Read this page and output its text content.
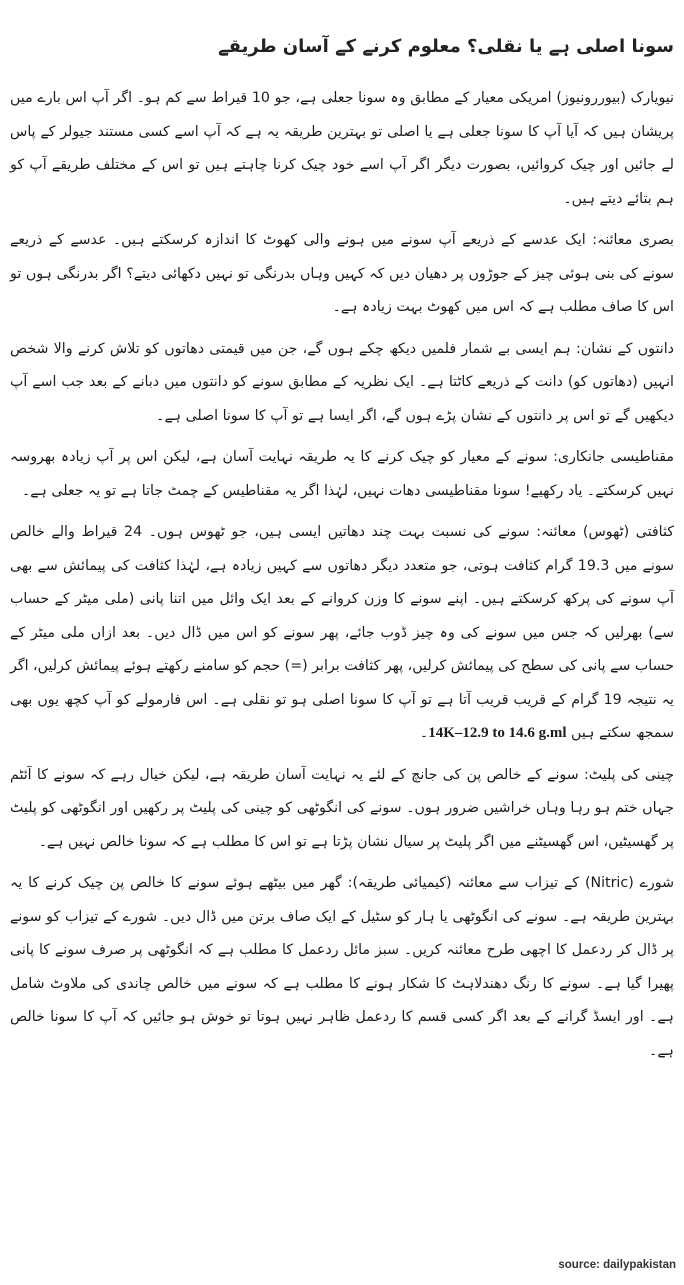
سونا اصلی ہے یا نقلی؟ معلوم کرنے کے آسان طریقے

نیویارک (بیوررونیوز) امریکی معیار کے مطابق وہ سونا جعلی ہے، جو 10 قیراط سے کم ہو۔ اگر آپ اس بارے میں پریشان ہیں کہ آیا آپ کا سونا جعلی ہے یا اصلی تو بہترین طریقہ یہ ہے کہ آپ اسے کسی مستند جیولر کے پاس لے جائیں اور چیک کروائیں، بصورت دیگر اگر آپ اسے خود چیک کرنا چاہتے ہیں تو اس کے مختلف طریقے آپ کو ہم بتائے دیتے ہیں۔

بصری معائنہ: ایک عدسے کے ذریعے آپ سونے میں ہونے والی کھوٹ کا اندازہ کرسکتے ہیں۔ عدسے کے ذریعے سونے کی بنی ہوئی چیز کے جوڑوں پر دھیان دیں کہ کہیں وہاں بدرنگی تو نہیں دکھائی دیتے؟ اگر بدرنگی ہوں تو اس کا صاف مطلب ہے کہ اس میں کھوٹ بہت زیادہ ہے۔

دانتوں کے نشان: ہم ایسی بے شمار فلمیں دیکھ چکے ہوں گے، جن میں قیمتی دھاتوں کو تلاش کرنے والا شخص انہیں (دھاتوں کو) دانت کے ذریعے کاٹتا ہے۔ ایک نظریہ کے مطابق سونے کو دانتوں میں دبانے کے بعد جب اسے آپ دیکھیں گے تو اس پر دانتوں کے نشان پڑے ہوں گے، اگر ایسا ہے تو آپ کا سونا اصلی ہے۔

مقناطیسی جانکاری: سونے کے معیار کو چیک کرنے کا یہ طریقہ نہایت آسان ہے، لیکن اس پر آپ زیادہ بھروسہ نہیں کرسکتے۔ یاد رکھیے! سونا مقناطیسی دھات نہیں، لہٰذا اگر یہ مقناطیس کے چمٹ جاتا ہے تو یہ جعلی ہے۔

کثافتی (ٹھوس) معائنہ: سونے کی نسبت بہت چند دھاتیں ایسی ہیں، جو ٹھوس ہوں۔ 24 قیراط والے خالص سونے میں 19.3 گرام کثافت ہوتی، جو متعدد دیگر دھاتوں سے کہیں زیادہ ہے، لہٰذا کثافت کی پیمائش سے بھی آپ سونے کی پرکھ کرسکتے ہیں۔ اپنے سونے کا وزن کروانے کے بعد ایک وائل میں اتنا پانی (ملی میٹر کے حساب سے) بھرلیں کہ جس میں سونے کی وہ چیز ڈوب جائے، پھر سونے کو اس میں ڈال دیں۔ بعد ازاں ملی میٹر کے حساب سے پانی کی سطح کی پیمائش کرلیں، پھر کثافت برابر (=) حجم کو سامنے رکھتے ہوئے پیمائش کرلیں، اگر یہ نتیجہ 19 گرام کے قریب قریب آتا ہے تو آپ کا سونا اصلی ہو تو نقلی ہے۔ اس فارمولے کو آپ کچھ یوں بھی سمجھ سکتے ہیں 14K–12.9 to 14.6 g.ml۔

چینی کی پلیٹ: سونے کے خالص پن کی جانچ کے لئے یہ نہایت آسان طریقہ ہے، لیکن خیال رہے کہ سونے کا آئٹم جہاں ختم ہو رہا وہاں خراشیں ضرور ہوں۔ سونے کی انگوٹھی کو چینی کی پلیٹ پر رکھیں اور انگوٹھی کو پلیٹ پر گھسیٹیں، اس گھسیٹنے میں اگر پلیٹ پر سیال نشان پڑتا ہے تو اس کا مطلب ہے کہ سونا خالص نہیں ہے۔

شورے (Nitric) کے تیزاب سے معائنہ (کیمیائی طریقہ): گھر میں بیٹھے ہوئے سونے کا خالص پن چیک کرنے کا یہ بہترین طریقہ ہے۔ سونے کی انگوٹھی یا ہار کو سٹیل کے ایک صاف برتن میں ڈال دیں۔ شورے کے تیزاب کو سونے پر ڈال کر ردعمل کا اچھی طرح معائنہ کریں۔ سبز مائل ردعمل کا مطلب ہے کہ انگوٹھی پر صرف سونے کا پانی پھیرا گیا ہے۔ سونے کا رنگ دھندلاہٹ کا شکار ہونے کا مطلب ہے کہ سونے میں خالص چاندی کی ملاوٹ شامل ہے۔ اور ایسڈ گرانے کے بعد اگر کسی قسم کا ردعمل ظاہر نہیں ہوتا تو خوش ہو جائیں کہ آپ کا سونا خالص ہے۔

source: dailypakistan
